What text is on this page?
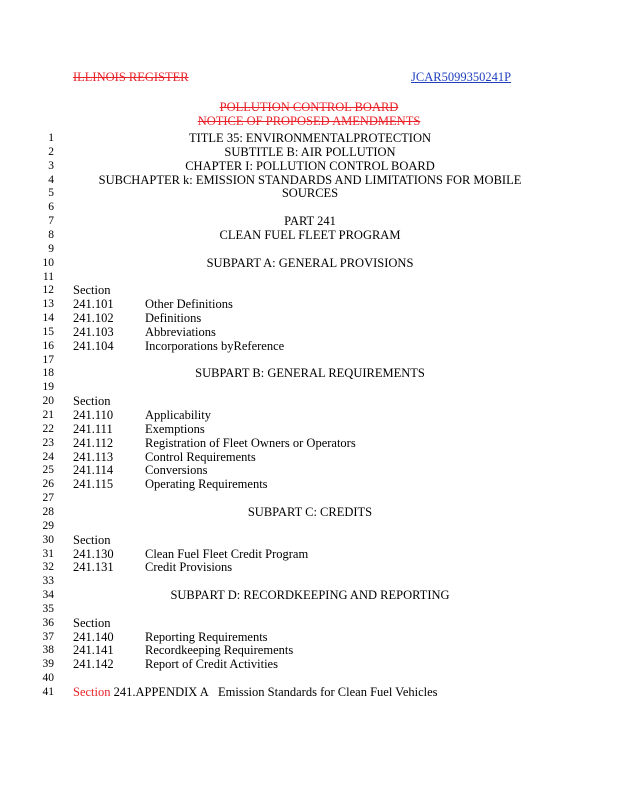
ILLINOIS REGISTER	JCAR5099350241P
POLLUTION CONTROL BOARD
NOTICE OF PROPOSED AMENDMENTS
1	TITLE 35: ENVIRONMENTALPROTECTION
2	SUBTITLE B: AIR POLLUTION
3	CHAPTER I: POLLUTION CONTROL BOARD
4	SUBCHAPTER k: EMISSION STANDARDS AND LIMITATIONS FOR MOBILE
5	SOURCES
6
7	PART 241
8	CLEAN FUEL FLEET PROGRAM
9
10	SUBPART A: GENERAL PROVISIONS
11
12 Section
13 241.101	Other Definitions
14 241.102	Definitions
15 241.103	Abbreviations
16 241.104	Incorporations byReference
17
18	SUBPART B: GENERAL REQUIREMENTS
19
20 Section
21 241.110	Applicability
22 241.111	Exemptions
23 241.112	Registration of Fleet Owners or Operators
24 241.113	Control Requirements
25 241.114	Conversions
26 241.115	Operating Requirements
27
28	SUBPART C: CREDITS
29
30 Section
31 241.130	Clean Fuel Fleet Credit Program
32 241.131	Credit Provisions
33
34	SUBPART D: RECORDKEEPING AND REPORTING
35
36 Section
37 241.140	Reporting Requirements
38 241.141	Recordkeeping Requirements
39 241.142	Report of Credit Activities
40
41 Section 241.APPENDIX A Emission Standards for Clean Fuel Vehicles
